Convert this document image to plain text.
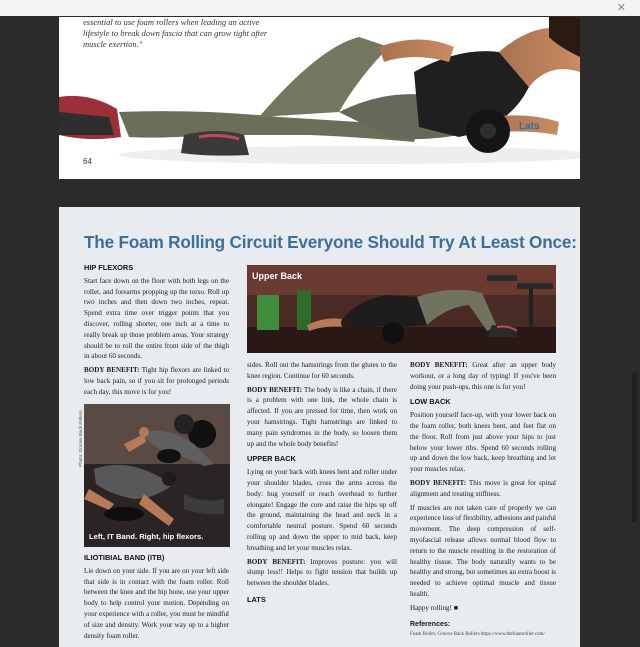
✕
essential to use foam rollers when leading an active lifestyle to break down fascia that can grow tight after muscle exertion."
Lats
64
The Foam Rolling Circuit Everyone Should Try At Least Once:
HIP FLEXORS
Start face down on the floor with both legs on the roller, and forearms propping up the torso. Roll up two inches and then down two inches, repeat. Spend extra time over trigger points that you discover, rolling shorter, one inch at a time to really break up those problem areas. Your strategy should be to roll the entire front side of the thigh in about 60 seconds.
BODY BENEFIT: Tight hip flexors are linked to low back pain, so if you sit for prolonged periods each day, this move is for you!
Left, IT Band. Right, hip flexors.
Photo: Groove Back Rollers
ILIOTIBIAL BAND (ITB)
Lie down on your side. If you are on your left side that side is in contact with the foam roller. Roll between the knee and the hip bone, use your upper body to help control your motion. Depending on your experience with a roller, you must be mindful of size and density. Work your way up to a higher density foam roller.
Upper Back
sides. Roll out the hamstrings from the glutes to the knee region. Continue for 60 seconds.
BODY BENEFIT: The body is like a chain, if there is a problem with one link, the whole chain is affected. If you are pressed for time, then work on your hamstrings. Tight hamstrings are linked to many pain syndromes in the body, so loosen them up and the whole body benefits!
UPPER BACK
Lying on your back with knees bent and roller under your shoulder blades, cross the arms across the body: hug yourself or reach overhead to further elongate! Engage the core and raise the hips up off the ground, maintaining the head and neck in a comfortable neutral posture. Spend 60 seconds rolling up and down the upper to mid back, keep breathing and let your muscles relax.
BODY BENEFIT: Improves posture: you will slump less!! Helps to fight tension that builds up between the shoulder blades.
LATS
BODY BENEFIT: Great after an upper body workout, or a long day of typing! If you've been doing your push-ups, this one is for you!
LOW BACK
Position yourself face-up, with your lower back on the foam roller, both knees bent, and feet flat on the floor. Roll from just above your hips to just below your lower ribs. Spend 60 seconds rolling up and down the low back, keep breathing and let your muscles relax.
BODY BENEFIT: This move is great for spinal alignment and treating stiffness.
If muscles are not taken care of properly we can experience loss of flexibility, adhesions and painful movement. The deep compression of self-myofascial release allows normal blood flow to return to the muscle resulting in the restoration of healthy tissue. The body naturally wants to be healthy and strong, but sometimes an extra boost is needed to achieve optimal muscle and tissue health.
Happy rolling! ■
References:
Foam Roller, Groove Back Rollers https://www.thefoamroller.com/
